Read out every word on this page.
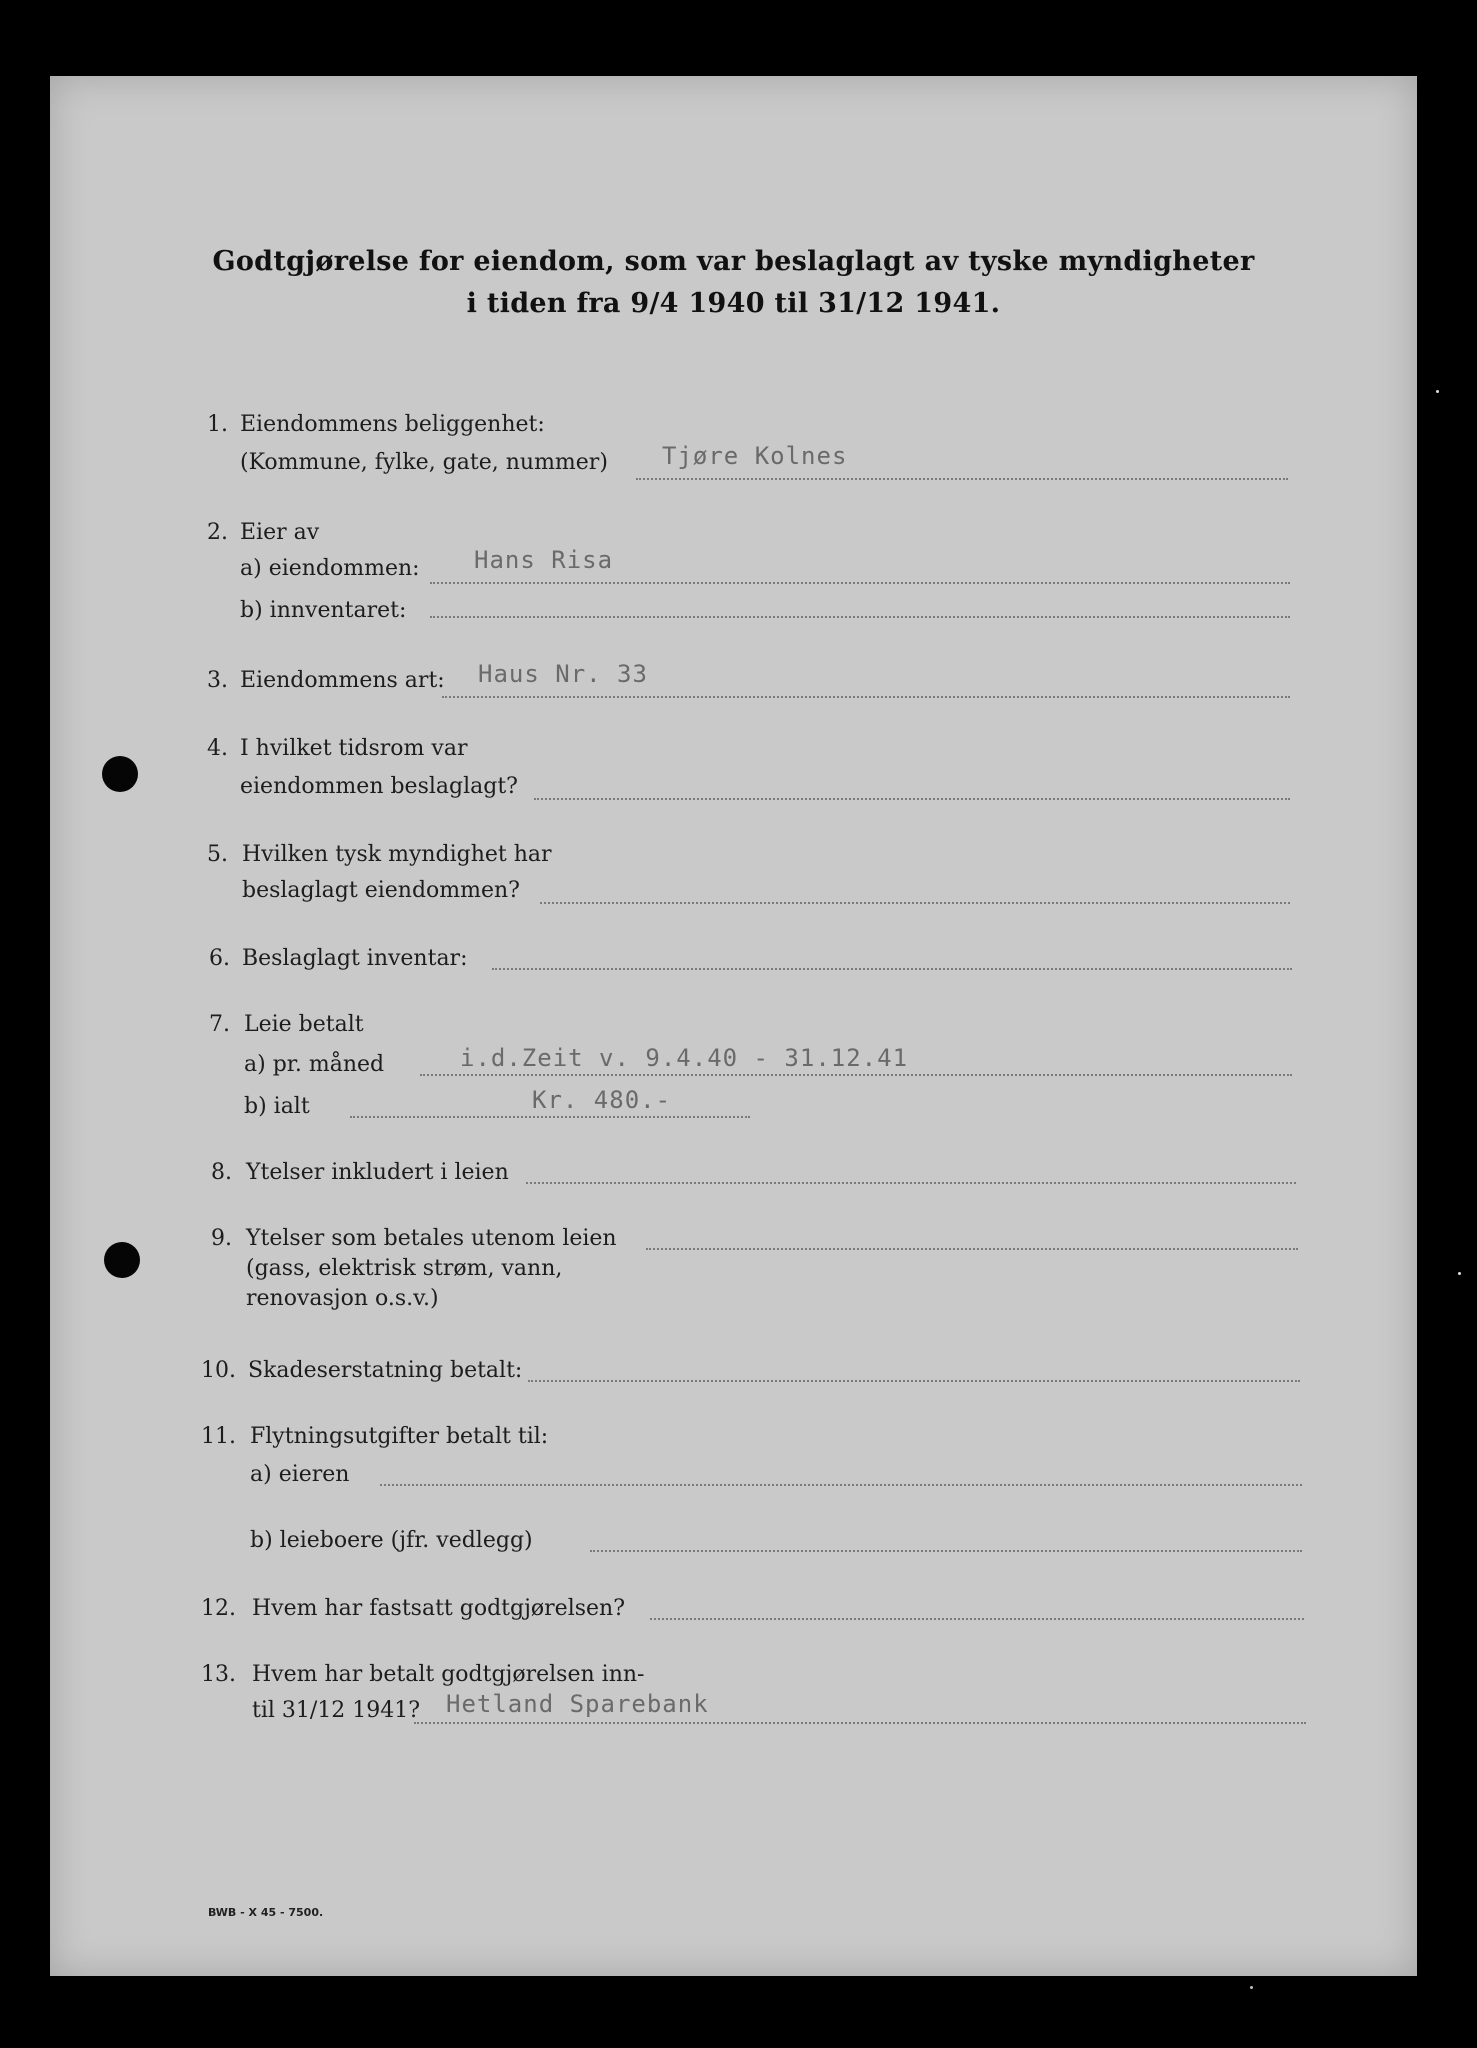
Godtgjørelse for eiendom, som var beslaglagt av tyske myndigheter
i tiden fra 9/4 1940 til 31/12 1941.
1. Eiendommens beliggenhet:
(Kommune, fylke, gate, nummer) Tjøre Kolnes
2. Eier av
a) eiendommen: Hans Risa
b) innventaret:
3. Eiendommens art: Haus Nr. 33
4. I hvilket tidsrom var
eiendommen beslaglagt?
5. Hvilken tysk myndighet har
beslaglagt eiendommen?
6. Beslaglagt inventar:
7. Leie betalt
a) pr. måned	i.d.Zeit v. 9.4.40 - 31.12.41
b) ialt	Kr. 480.-
8. Ytelser inkludert i leien
9. Ytelser som betales utenom leien
(gass, elektrisk strøm, vann,
renovasjon o.s.v.)
10. Skadeserstatning betalt:
11. Flytningsutgifter betalt til:
a) eieren
b) leieboere (jfr. vedlegg)
12. Hvem har fastsatt godtgjørelsen?
13. Hvem har betalt godtgjørelsen inn-
til 31/12 1941? Hetland Sparebank
BWB - X 45 - 7500.
